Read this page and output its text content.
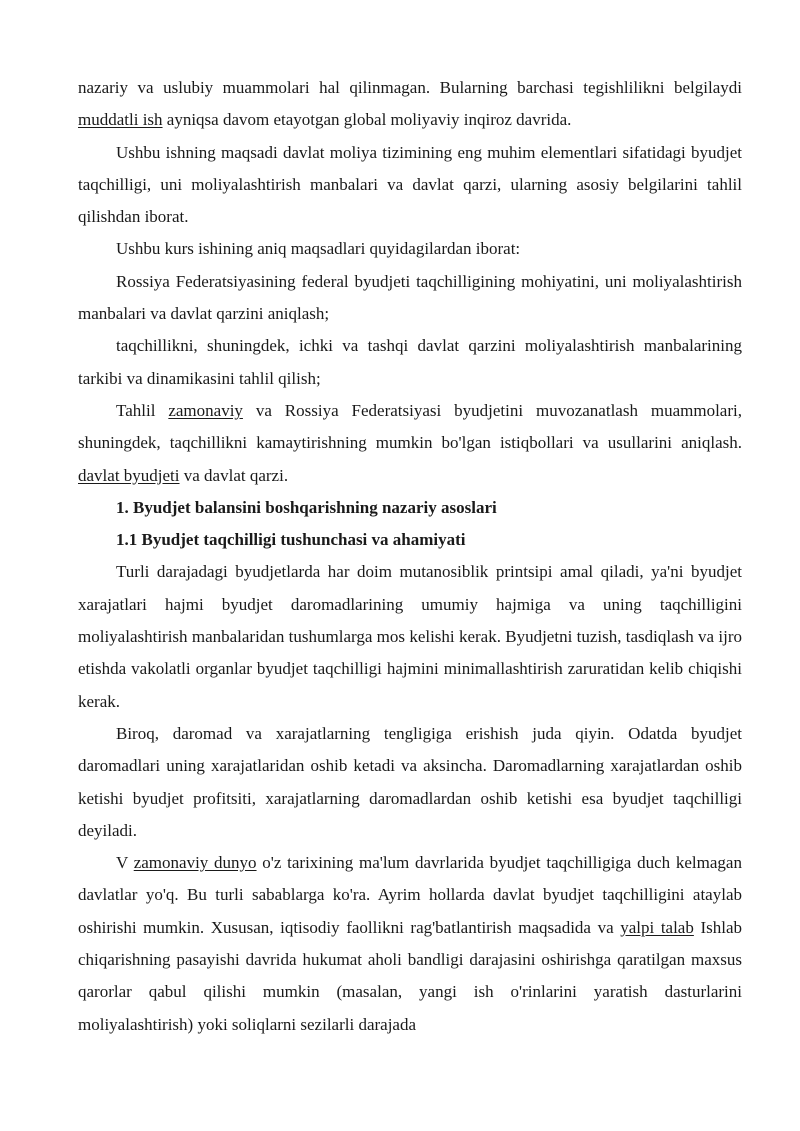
nazariy va uslubiy muammolari hal qilinmagan. Bularning barchasi tegishlilikni belgilaydi muddatli ish ayniqsa davom etayotgan global moliyaviy inqiroz davrida.

Ushbu ishning maqsadi davlat moliya tizimining eng muhim elementlari sifatidagi byudjet taqchilligi, uni moliyalashtirish manbalari va davlat qarzi, ularning asosiy belgilarini tahlil qilishdan iborat.

Ushbu kurs ishining aniq maqsadlari quyidagilardan iborat:

Rossiya Federatsiyasining federal byudjeti taqchilligining mohiyatini, uni moliyalashtirish manbalari va davlat qarzini aniqlash;

taqchillikni, shuningdek, ichki va tashqi davlat qarzini moliyalashtirish manbalarining tarkibi va dinamikasini tahlil qilish;

Tahlil zamonaviy va Rossiya Federatsiyasi byudjetini muvozanatlash muammolari, shuningdek, taqchillikni kamaytirishning mumkin bo'lgan istiqbollari va usullarini aniqlash. davlat byudjeti va davlat qarzi.

1. Byudjet balansini boshqarishning nazariy asoslari

1.1 Byudjet taqchilligi tushunchasi va ahamiyati

Turli darajadagi byudjetlarda har doim mutanosiblik printsipi amal qiladi, ya'ni byudjet xarajatlari hajmi byudjet daromadlarining umumiy hajmiga va uning taqchilligini moliyalashtirish manbalaridan tushumlarga mos kelishi kerak. Byudjetni tuzish, tasdiqlash va ijro etishda vakolatli organlar byudjet taqchilligi hajmini minimallashtirish zaruratidan kelib chiqishi kerak.

Biroq, daromad va xarajatlarning tengligiga erishish juda qiyin. Odatda byudjet daromadlari uning xarajatlaridan oshib ketadi va aksincha. Daromadlarning xarajatlardan oshib ketishi byudjet profitsiti, xarajatlarning daromadlardan oshib ketishi esa byudjet taqchilligi deyiladi.

V zamonaviy dunyo o'z tarixining ma'lum davrlarida byudjet taqchilligiga duch kelmagan davlatlar yo'q. Bu turli sabablarga ko'ra. Ayrim hollarda davlat byudjet taqchilligini ataylab oshirishi mumkin. Xususan, iqtisodiy faollikni rag'batlantirish maqsadida va yalpi talab Ishlab chiqarishning pasayishi davrida hukumat aholi bandligi darajasini oshirishga qaratilgan maxsus qarorlar qabul qilishi mumkin (masalan, yangi ish o'rinlarini yaratish dasturlarini moliyalashtirish) yoki soliqlarni sezilarli darajada
